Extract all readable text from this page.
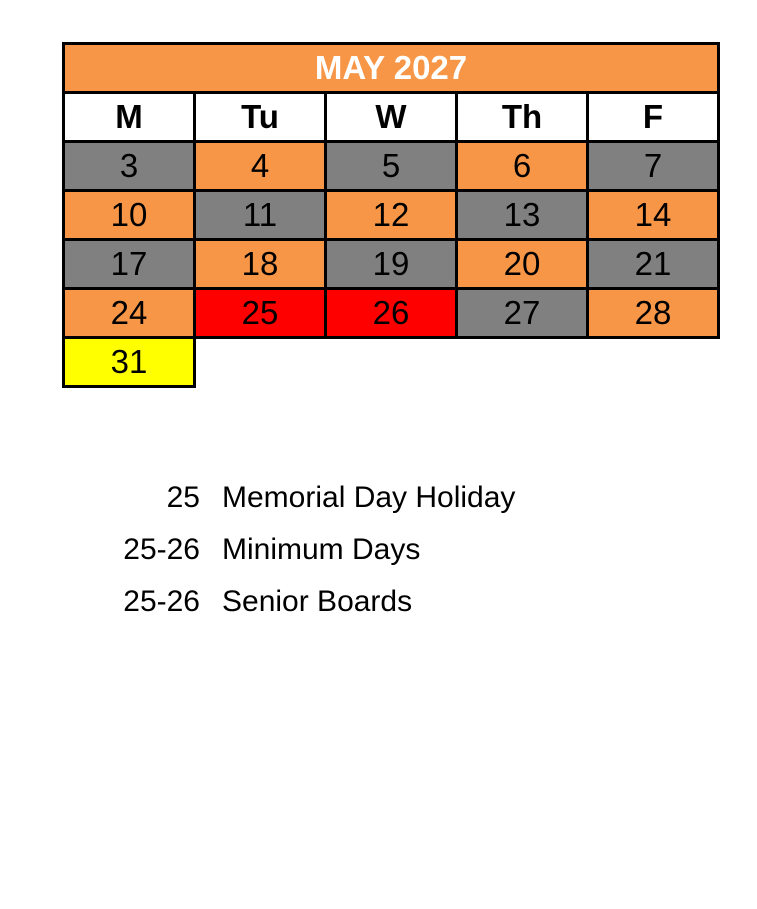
MAY 2027				
M	Tu	W	Th	F
3	4	5	6	7
10	11	12	13	14
17	18	19	20	21
24	25	26	27	28
31				
25	Memorial Day Holiday
25-26	Minimum Days
25-26	Senior Boards
